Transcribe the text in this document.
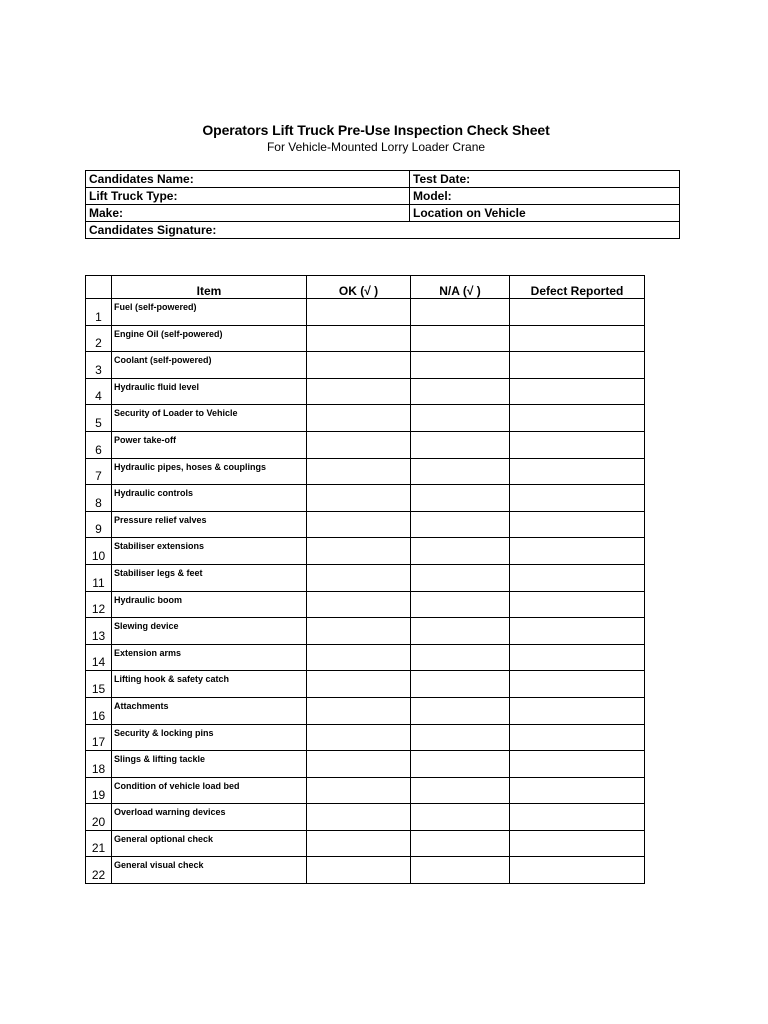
Operators Lift Truck Pre-Use Inspection Check Sheet
For Vehicle-Mounted Lorry Loader Crane
Candidates Name:	Test Date:
Lift Truck Type:	Model:
Make:	Location on Vehicle
Candidates Signature:	
	Item	OK (√ )	N/A (√ )	Defect Reported
1	Fuel (self-powered)			
2	Engine Oil (self-powered)			
3	Coolant (self-powered)			
4	Hydraulic fluid level			
5	Security of Loader to Vehicle			
6	Power take-off			
7	Hydraulic pipes, hoses & couplings			
8	Hydraulic controls			
9	Pressure relief valves			
10	Stabiliser extensions			
11	Stabiliser legs & feet			
12	Hydraulic boom			
13	Slewing device			
14	Extension arms			
15	Lifting hook & safety catch			
16	Attachments			
17	Security & locking pins			
18	Slings & lifting tackle			
19	Condition of vehicle load bed			
20	Overload warning devices			
21	General optional check			
22	General visual check			
